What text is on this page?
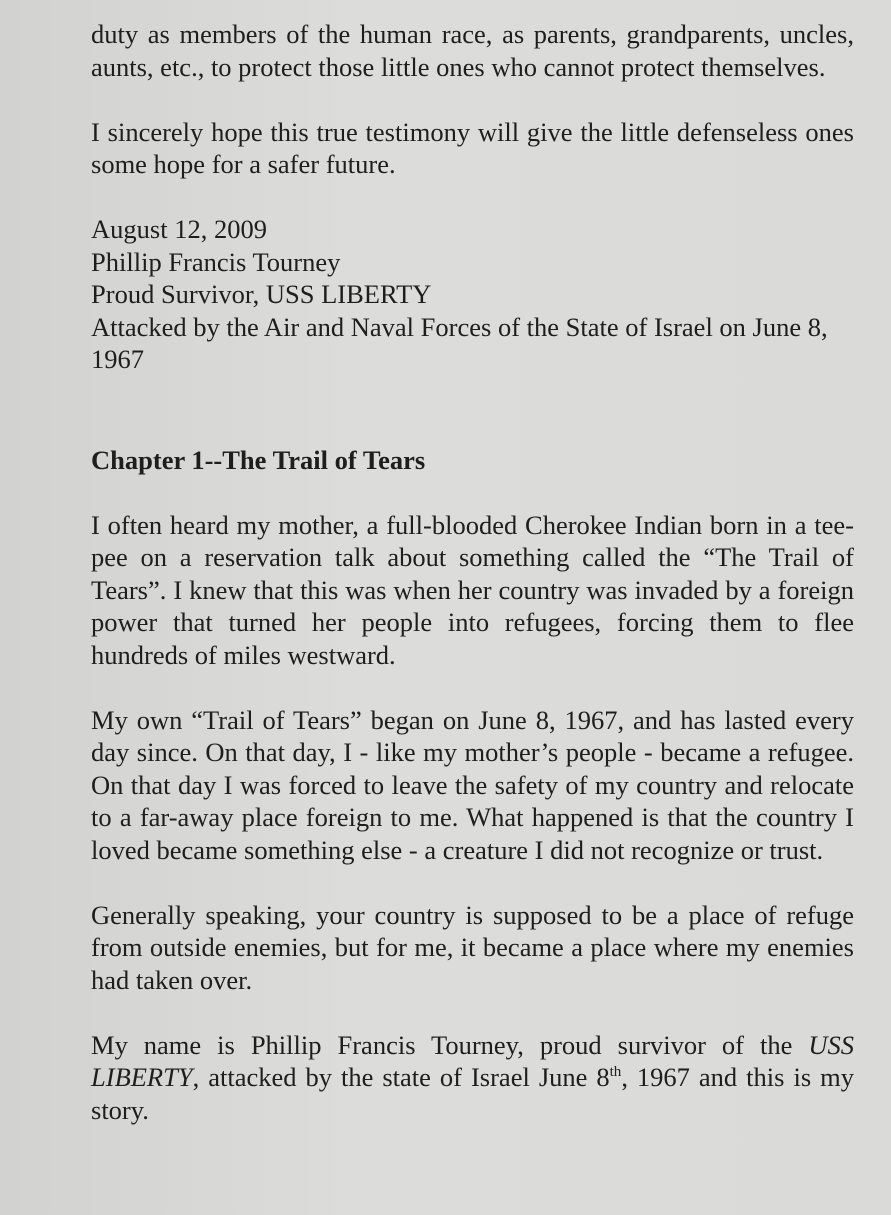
duty as members of the human race, as parents, grandparents, uncles, aunts, etc., to protect those little ones who cannot protect themselves.

I sincerely hope this true testimony will give the little defenseless ones some hope for a safer future.

August 12, 2009
Phillip Francis Tourney
Proud Survivor, USS LIBERTY
Attacked by the Air and Naval Forces of the State of Israel on June 8, 1967
Chapter 1--The Trail of Tears

I often heard my mother, a full-blooded Cherokee Indian born in a tee-pee on a reservation talk about something called the “The Trail of Tears”. I knew that this was when her country was invaded by a foreign power that turned her people into refugees, forcing them to flee hundreds of miles westward.

My own “Trail of Tears” began on June 8, 1967, and has lasted every day since. On that day, I - like my mother’s people - became a refugee. On that day I was forced to leave the safety of my country and relocate to a far-away place foreign to me. What happened is that the country I loved became something else - a creature I did not recognize or trust.

Generally speaking, your country is supposed to be a place of refuge from outside enemies, but for me, it became a place where my enemies had taken over.

My name is Phillip Francis Tourney, proud survivor of the USS LIBERTY, attacked by the state of Israel June 8th, 1967 and this is my story.
